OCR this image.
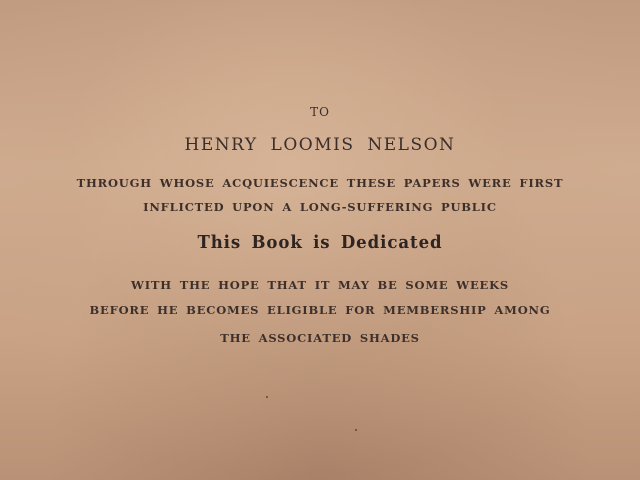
TO
HENRY LOOMIS NELSON
THROUGH WHOSE ACQUIESCENCE THESE PAPERS WERE FIRST
INFLICTED UPON A LONG-SUFFERING PUBLIC
This Book is Dedicated
WITH THE HOPE THAT IT MAY BE SOME WEEKS
BEFORE HE BECOMES ELIGIBLE FOR MEMBERSHIP AMONG
THE ASSOCIATED SHADES
